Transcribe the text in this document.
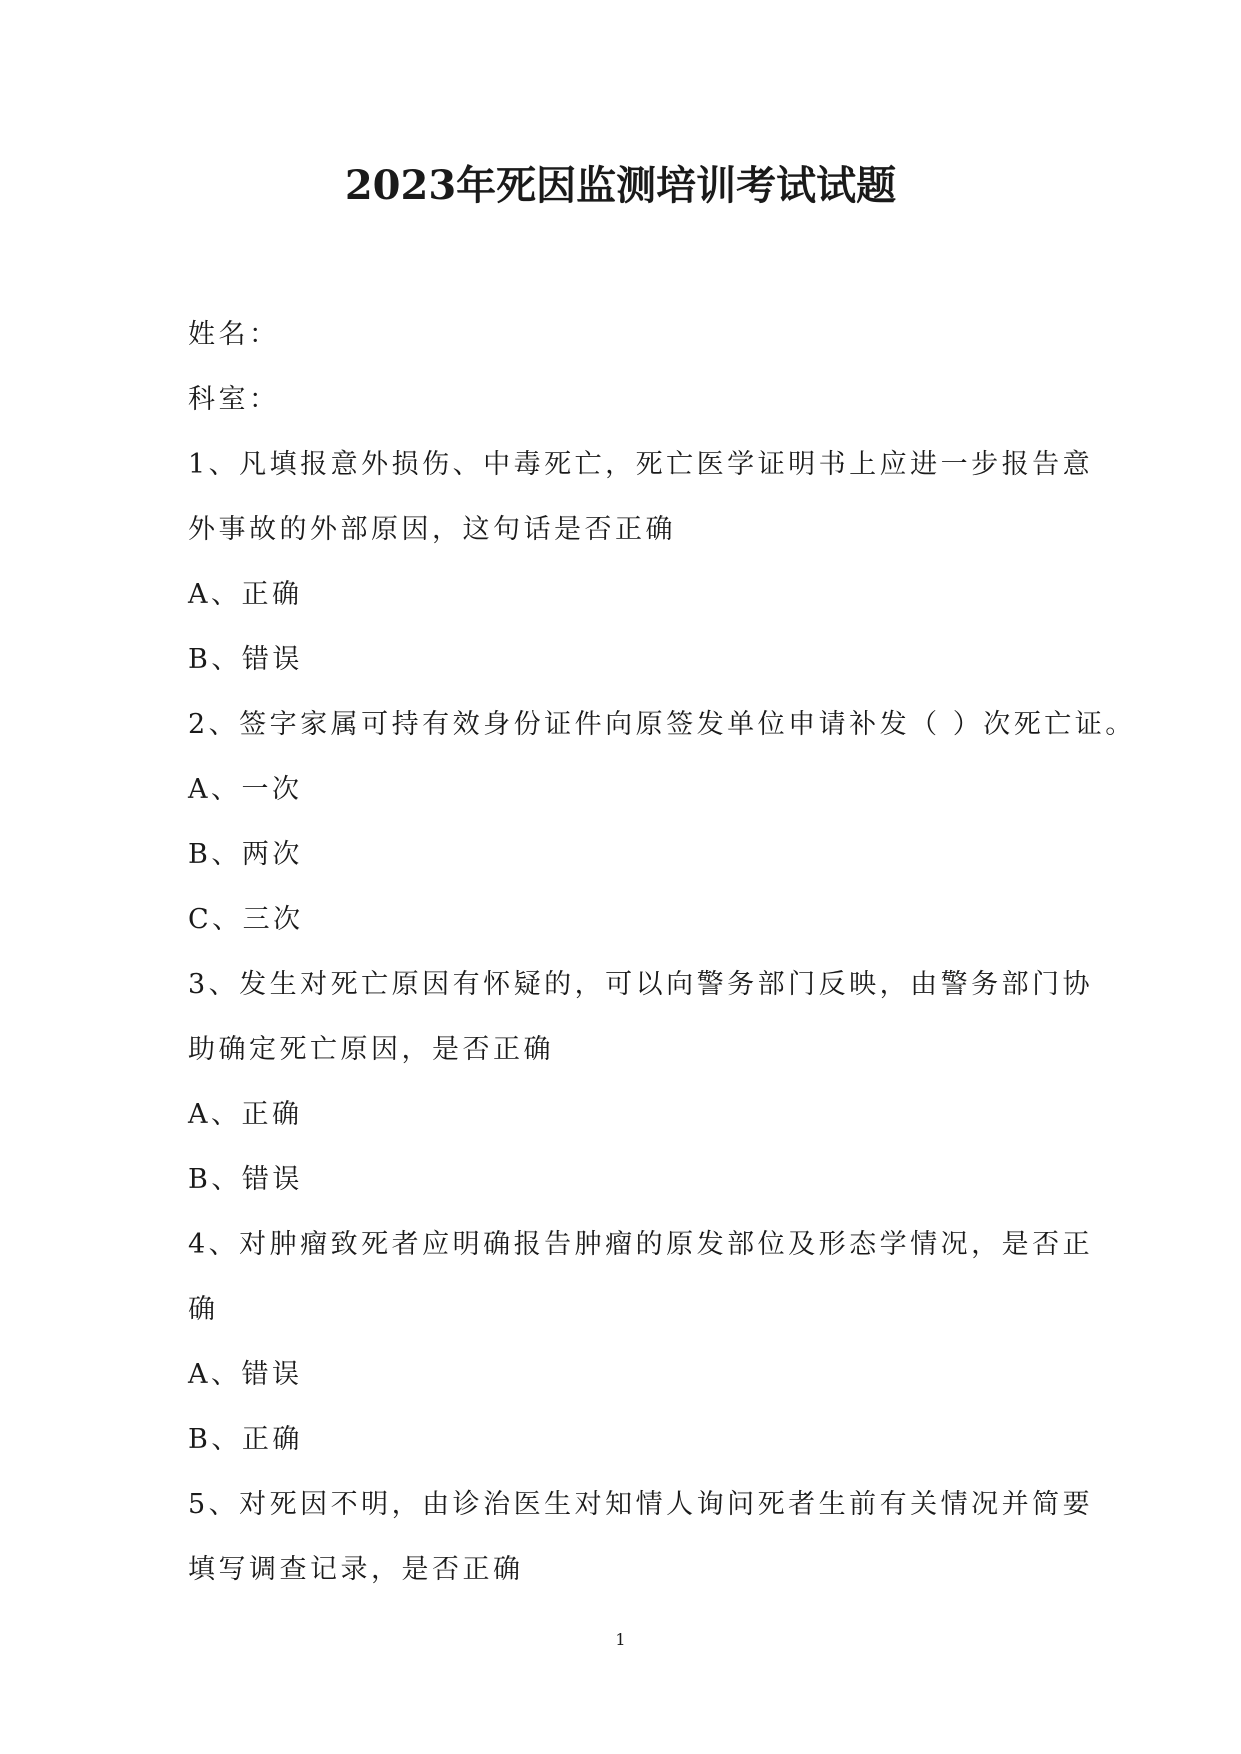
2023年死因监测培训考试试题

姓名：

科室：

1、凡填报意外损伤、中毒死亡，死亡医学证明书上应进一步报告意

外事故的外部原因，这句话是否正确

A、正确

B、错误

2、签字家属可持有效身份证件向原签发单位申请补发（ ）次死亡证。

A、一次

B、两次

C、三次

3、发生对死亡原因有怀疑的，可以向警务部门反映，由警务部门协

助确定死亡原因，是否正确

A、正确

B、错误

4、对肿瘤致死者应明确报告肿瘤的原发部位及形态学情况，是否正

确

A、错误

B、正确

5、对死因不明，由诊治医生对知情人询问死者生前有关情况并简要

填写调查记录，是否正确

1
